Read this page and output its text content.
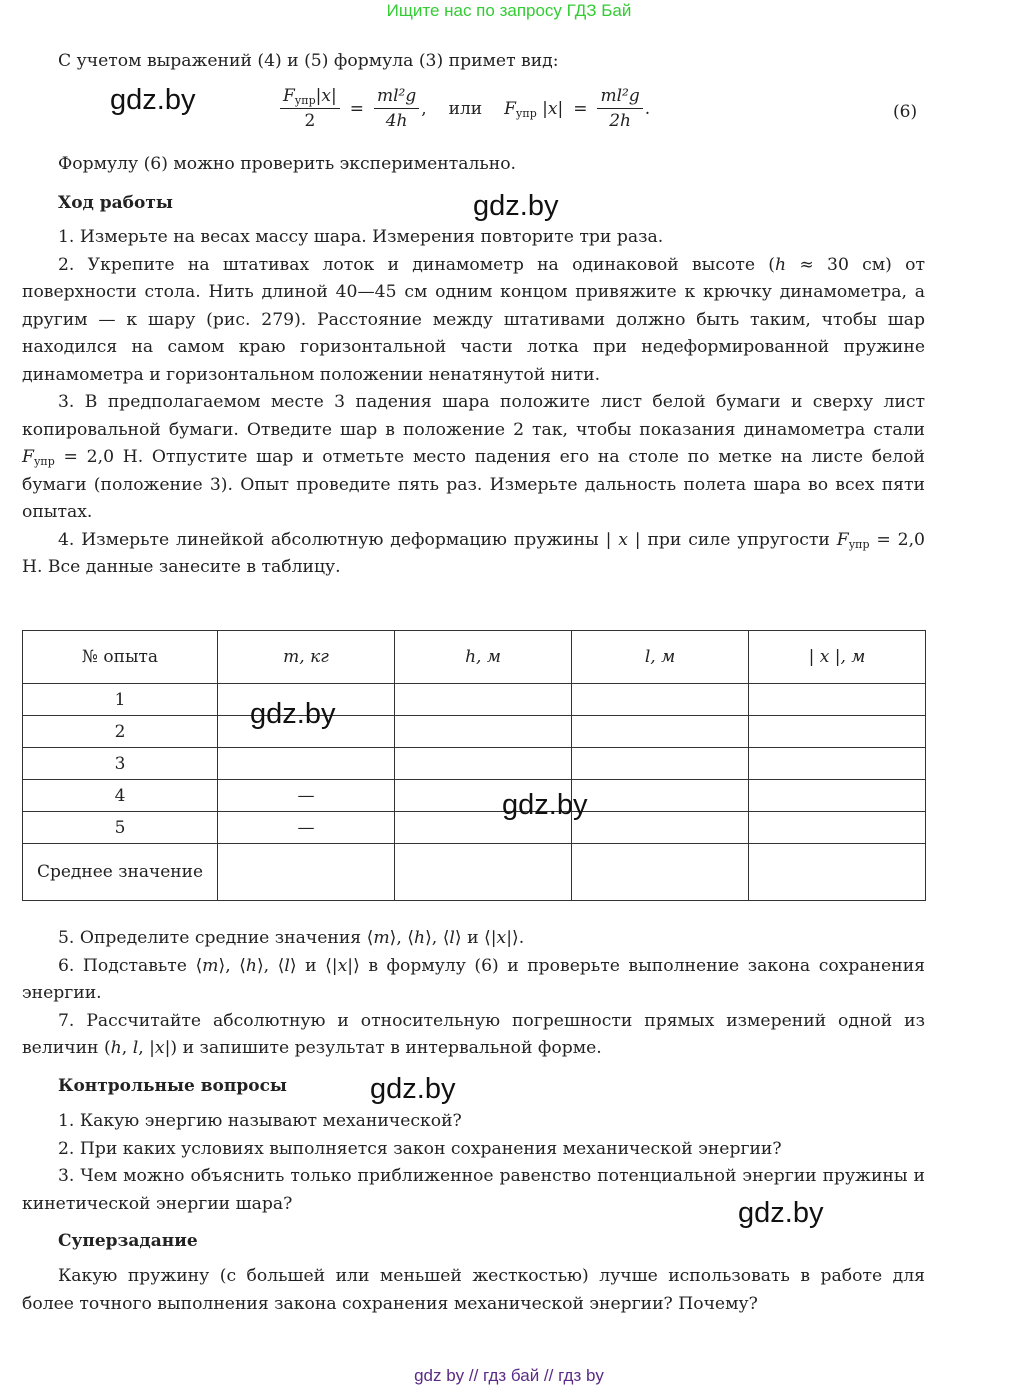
Ищите нас по запросу ГДЗ Бай

С учетом выражений (4) и (5) формула (3) примет вид:

gdz.by	$\frac{F_{упр}|x|}{2} = \frac{\text{ml²g}}{4h}$ , или $F_{упр}$ $|x| = \frac{\text{ml²g}}{2h}$ .	(6)

Формулу (6) можно проверить экспериментально.

Ход работы	gdz.by

1. Измерьте на весах массу шара. Измерения повторите три раза.

2. Укрепите на штативах лоток и динамометр на одинаковой высоте (h ≈ 30 см) от поверхности стола. Нить длиной 40—45 см одним концом привяжите к крючку динамометра, а другим — к шару (рис. 279). Расстояние между штативами должно быть таким, чтобы шар находился на самом краю горизонтальной части лотка при недеформированной пружине динамометра и горизонтальном положении ненатянутой нити.

3. В предполагаемом месте 3 падения шара положите лист белой бумаги и сверху лист копировальной бумаги. Отведите шар в положение 2 так, чтобы показания динамометра стали $F_{упр} = 2,0$ Н. Отпустите шар и отметьте место падения его на столе по метке на листе белой бумаги (положение 3). Опыт проведите пять раз. Измерьте дальность полета шара во всех пяти опытах.

4. Измерьте линейкой абсолютную деформацию пружины | x | при силе упругости $F_{упр} = 2,0$ Н. Все данные занесите в таблицу.

№ опыта	m, кг	h, м	l, м	| x |, м
1				
2				
3				
4	—			
5	—			
Среднее значение				
gdz.by
gdz.by

5. Определите средние значения ⟨m⟩, ⟨h⟩, ⟨l⟩ и ⟨|x|⟩.

6. Подставьте ⟨m⟩, ⟨h⟩, ⟨l⟩ и ⟨|x|⟩ в формулу (6) и проверьте выполнение закона сохранения энергии.

7. Рассчитайте абсолютную и относительную погрешности прямых измерений одной из величин (h, l, |x|) и запишите результат в интервальной форме.

Контрольные вопросы	gdz.by

1. Какую энергию называют механической?

2. При каких условиях выполняется закон сохранения механической энергии?

3. Чем можно объяснить только приближенное равенство потенциальной энергии пружины и кинетической энергии шара?	gdz.by
Суперзадание

Какую пружину (с большей или меньшей жесткостью) лучше использовать в работе для более точного выполнения закона сохранения механической энергии? Почему?

gdz by // гдз бай // гдз by
